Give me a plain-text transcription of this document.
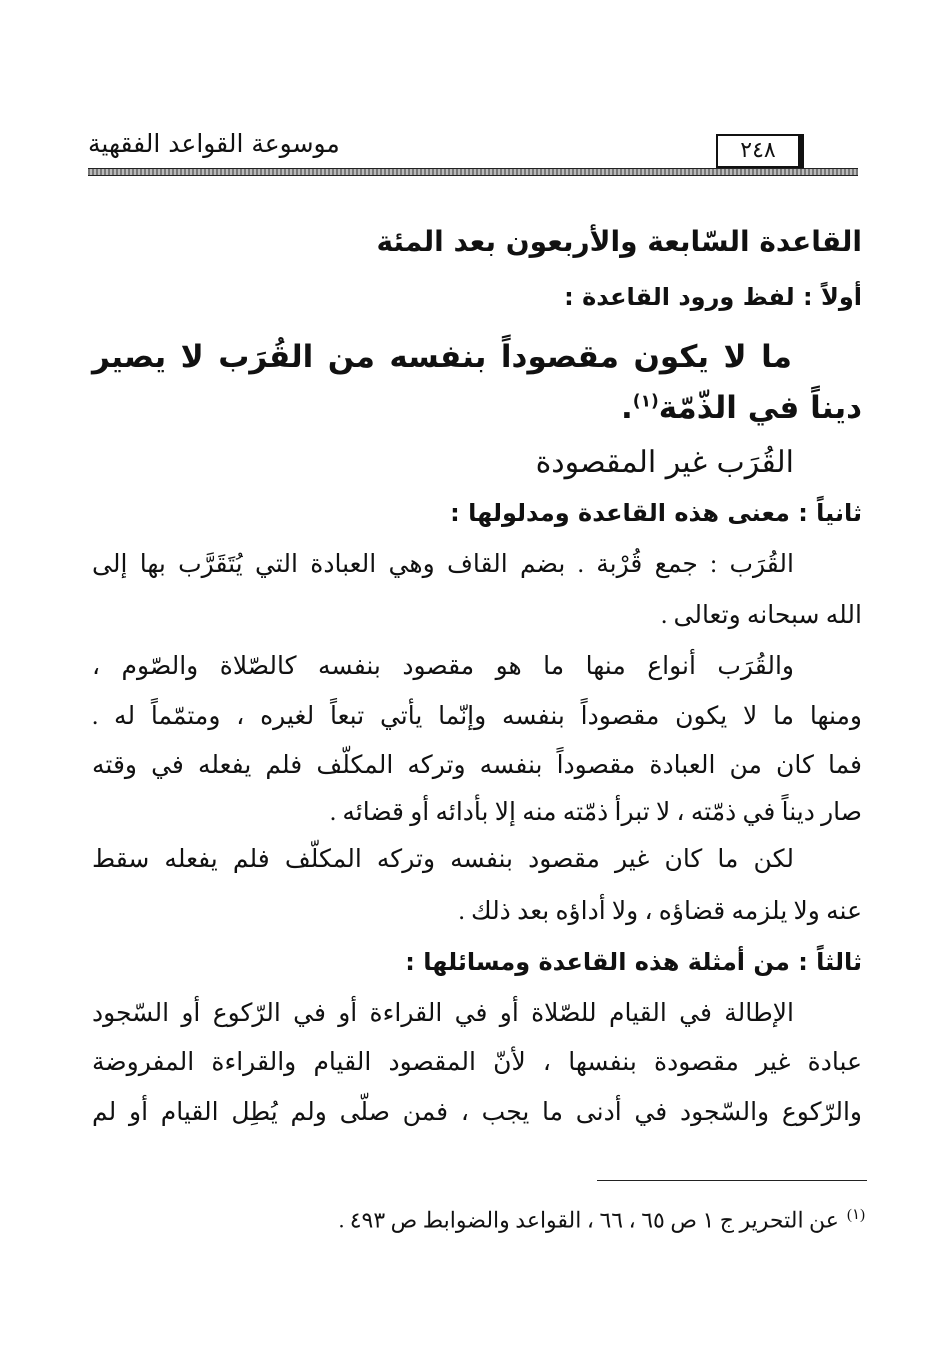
موسوعة القواعد الفقهية	٢٤٨
القاعدة السّابعة والأربعون بعد المئة
أولاً : لفظ ورود القاعدة :
ما لا يكون مقصوداً بنفسه من القُرَب لا يصير
ديناً في الذّمّة$^{(١)}$.
القُرَب غير المقصودة
ثانياً : معنى هذه القاعدة ومدلولها :
القُرَب : جمع قُرْبة . بضم القاف وهي العبادة التي يُتَقَرَّب بها إلى
الله سبحانه وتعالى .
والقُرَب أنواع منها ما هو مقصود بنفسه كالصّلاة والصّوم ،
ومنها ما لا يكون مقصوداً بنفسه وإنّما يأتي تبعاً لغيره ، ومتمّماً له .
فما كان من العبادة مقصوداً بنفسه وتركه المكلّف فلم يفعله في وقته
صار ديناً في ذمّته ، لا تبرأ ذمّته منه إلا بأدائه أو قضائه .
لكن ما كان غير مقصود بنفسه وتركه المكلّف فلم يفعله سقط
عنه ولا يلزمه قضاؤه ، ولا أداؤه بعد ذلك .
ثالثاً : من أمثلة هذه القاعدة ومسائلها :
الإطالة في القيام للصّلاة أو في القراءة أو في الرّكوع أو السّجود
عبادة غير مقصودة بنفسها ، لأنّ المقصود القيام والقراءة المفروضة
والرّكوع والسّجود في أدنى ما يجب ، فمن صلّى ولم يُطِل القيام أو لم
$^{(١)}$عن التحرير ج ١ ص ٦٥ ، ٦٦ ، القواعد والضوابط ص ٤٩٣ .
